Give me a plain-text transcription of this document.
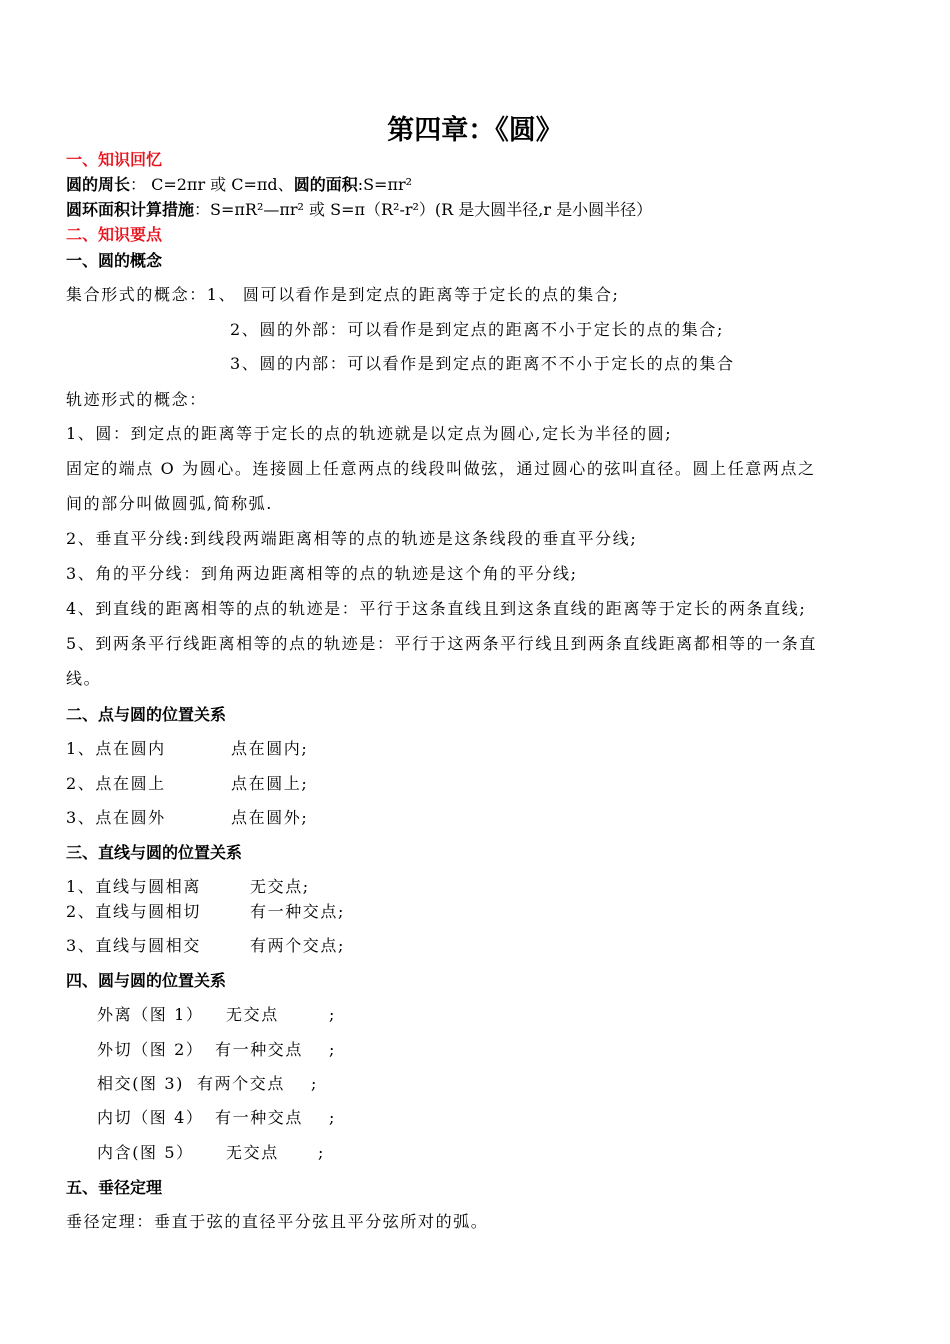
第四章：《圆》
一、知识回忆
圆的周长： C=2πr 或 C=πd、圆的面积:S=πr²
圆环面积计算措施：S=πR²—πr² 或 S=π（R²-r²）(R 是大圆半径,r 是小圆半径）
二、知识要点
一、圆的概念
集合形式的概念：1、 圆可以看作是到定点的距离等于定长的点的集合;
2、圆的外部：可以看作是到定点的距离不小于定长的点的集合;
3、圆的内部：可以看作是到定点的距离不不小于定长的点的集合
轨迹形式的概念：
1、圆：到定点的距离等于定长的点的轨迹就是以定点为圆心,定长为半径的圆;
固定的端点 O 为圆心。连接圆上任意两点的线段叫做弦，通过圆心的弦叫直径。圆上任意两点之
间的部分叫做圆弧,简称弧.
2、垂直平分线:到线段两端距离相等的点的轨迹是这条线段的垂直平分线;
3、角的平分线：到角两边距离相等的点的轨迹是这个角的平分线;
4、到直线的距离相等的点的轨迹是：平行于这条直线且到这条直线的距离等于定长的两条直线;
5、到两条平行线距离相等的点的轨迹是：平行于这两条平行线且到两条直线距离都相等的一条直
线。
二、点与圆的位置关系
1、点在圆内	点在圆内;
2、点在圆上	点在圆上;
3、点在圆外	点在圆外;
三、直线与圆的位置关系
1、直线与圆相离	无交点;
2、直线与圆相切	有一种交点;
3、直线与圆相交	有两个交点;
四、圆与圆的位置关系
外离（图 1） 无交点	;
外切（图 2） 有一种交点 ;
相交(图 3) 有两个交点 ;
内切（图 4） 有一种交点 ;
内含(图 5） 无交点 ;
五、垂径定理
垂径定理：垂直于弦的直径平分弦且平分弦所对的弧。
